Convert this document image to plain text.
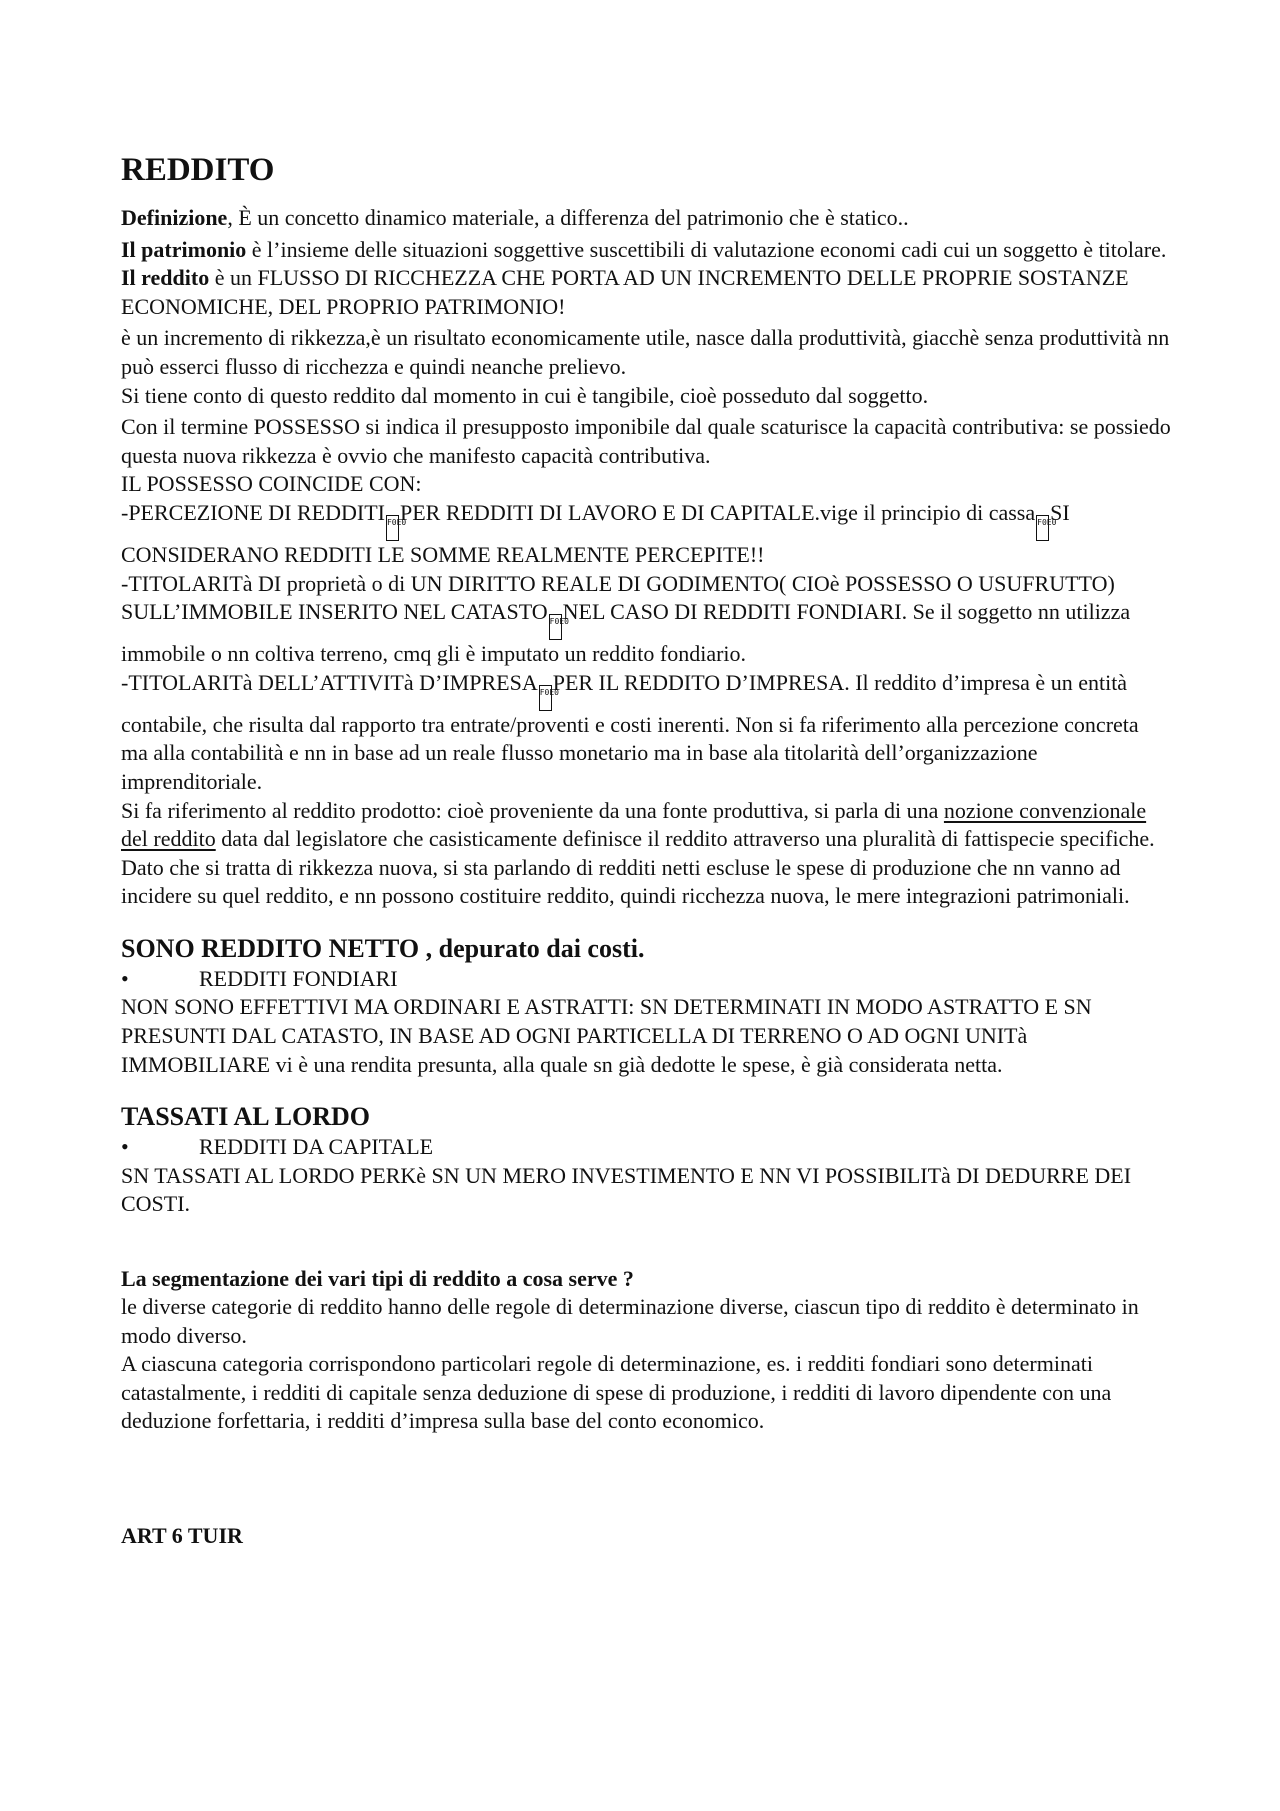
REDDITO

Definizione, È un concetto dinamico materiale, a differenza del patrimonio che è statico..

Il patrimonio è l’insieme delle situazioni soggettive suscettibili di valutazione economi cadi cui un soggetto è titolare.

Il reddito è un FLUSSO DI RICCHEZZA CHE PORTA AD UN INCREMENTO DELLE PROPRIE SOSTANZE ECONOMICHE, DEL PROPRIO PATRIMONIO!

è un incremento di rikkezza,è un risultato economicamente utile, nasce dalla produttività, giacchè senza produttività nn può esserci flusso di ricchezza e quindi neanche prelievo.

Si tiene conto di questo reddito dal momento in cui è tangibile, cioè posseduto dal soggetto.

Con il termine POSSESSO si indica il presupposto imponibile dal quale scaturisce la capacità contributiva: se possiedo questa nuova rikkezza è ovvio che manifesto capacità contributiva.

IL POSSESSO COINCIDE CON:

-PERCEZIONE DI REDDITI F0E0PER REDDITI DI LAVORO E DI CAPITALE.vige il principio di cassa F0E0SI CONSIDERANO REDDITI LE SOMME REALMENTE PERCEPITE!!

-TITOLARITà DI proprietà o di UN DIRITTO REALE DI GODIMENTO( CIOè POSSESSO O USUFRUTTO) SULL’IMMOBILE INSERITO NEL CATASTO F0E0NEL CASO DI REDDITI FONDIARI. Se il soggetto nn utilizza immobile o nn coltiva terreno, cmq gli è imputato un reddito fondiario.

-TITOLARITà DELL’ATTIVITà D’IMPRESA F0E0PER IL REDDITO D’IMPRESA. Il reddito d’impresa è un entità contabile, che risulta dal rapporto tra entrate/proventi e costi inerenti. Non si fa riferimento alla percezione concreta ma alla contabilità e nn in base ad un reale flusso monetario ma in base ala titolarità dell’organizzazione imprenditoriale.

Si fa riferimento al reddito prodotto: cioè proveniente da una fonte produttiva, si parla di una nozione convenzionale del reddito data dal legislatore che casisticamente definisce il reddito attraverso una pluralità di fattispecie specifiche.

Dato che si tratta di rikkezza nuova, si sta parlando di redditi netti escluse le spese di produzione che nn vanno ad incidere su quel reddito, e nn possono costituire reddito, quindi ricchezza nuova, le mere integrazioni patrimoniali.

SONO REDDITO NETTO , depurato dai costi.
•	REDDITI FONDIARI

NON SONO EFFETTIVI MA ORDINARI E ASTRATTI: SN DETERMINATI IN MODO ASTRATTO E SN PRESUNTI DAL CATASTO, IN BASE AD OGNI PARTICELLA DI TERRENO O AD OGNI UNITà IMMOBILIARE vi è una rendita presunta, alla quale sn già dedotte le spese, è già considerata netta.

TASSATI AL LORDO
•	REDDITI DA CAPITALE

SN TASSATI AL LORDO PERKè SN UN MERO INVESTIMENTO E NN VI POSSIBILITà DI DEDURRE DEI COSTI.

La segmentazione dei vari tipi di reddito a cosa serve ?

le diverse categorie di reddito hanno delle regole di determinazione diverse, ciascun tipo di reddito è determinato in modo diverso.

A ciascuna categoria corrispondono particolari regole di determinazione, es. i redditi fondiari sono determinati catastalmente, i redditi di capitale senza deduzione di spese di produzione, i redditi di lavoro dipendente con una deduzione forfettaria, i redditi d’impresa sulla base del conto economico.

ART 6 TUIR
